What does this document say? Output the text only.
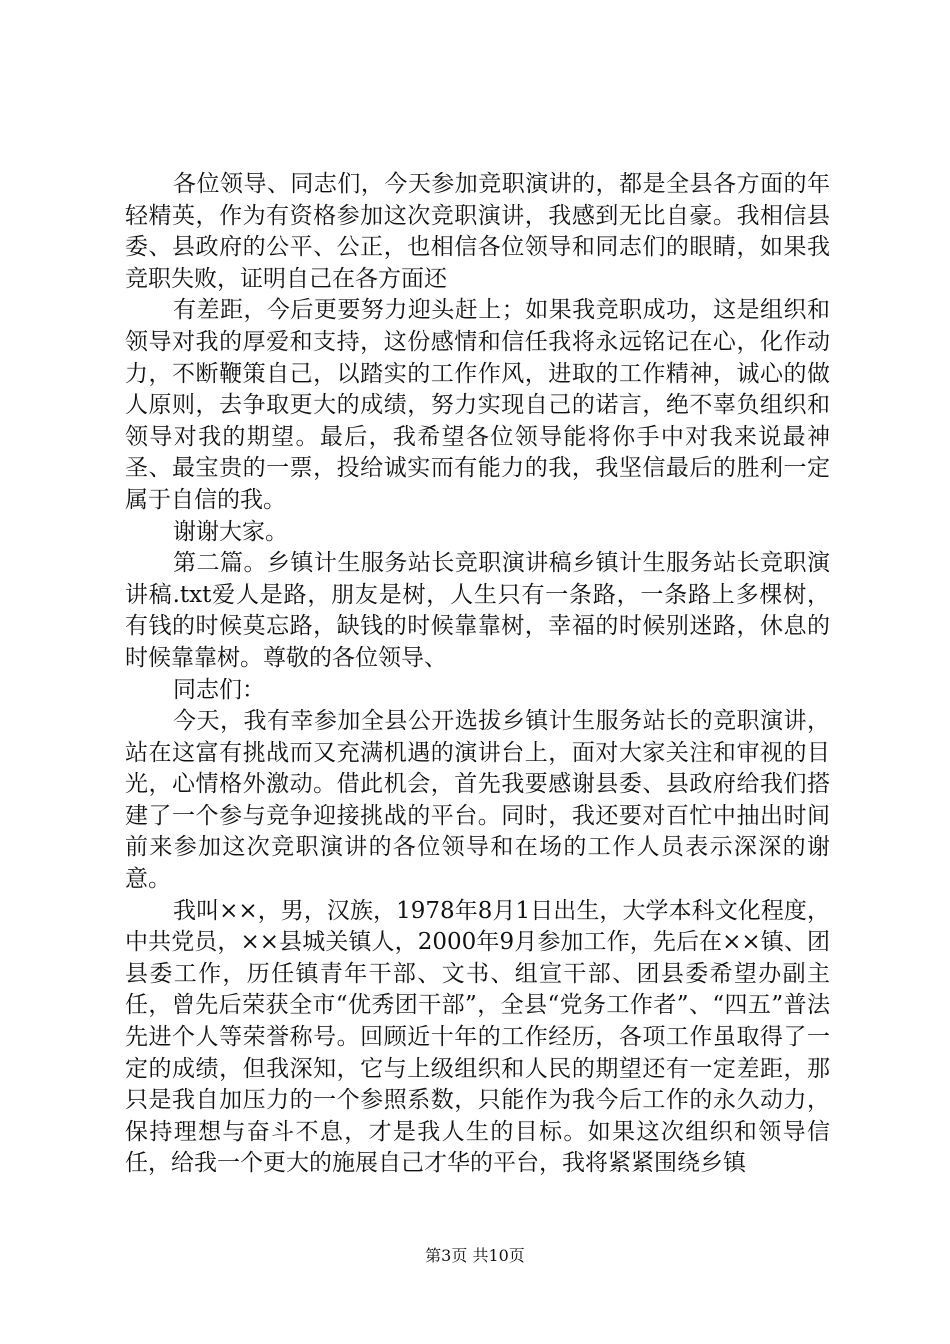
各位领导、同志们，今天参加竞职演讲的，都是全县各方面的年轻精英，作为有资格参加这次竞职演讲，我感到无比自豪。我相信县委、县政府的公平、公正，也相信各位领导和同志们的眼睛，如果我竞职失败，证明自己在各方面还

有差距，今后更要努力迎头赶上；如果我竞职成功，这是组织和领导对我的厚爱和支持，这份感情和信任我将永远铭记在心，化作动力，不断鞭策自己，以踏实的工作作风，进取的工作精神，诚心的做人原则，去争取更大的成绩，努力实现自己的诺言，绝不辜负组织和领导对我的期望。最后，我希望各位领导能将你手中对我来说最神圣、最宝贵的一票，投给诚实而有能力的我，我坚信最后的胜利一定属于自信的我。

谢谢大家。

第二篇。乡镇计生服务站长竞职演讲稿乡镇计生服务站长竞职演讲稿.txt爱人是路，朋友是树，人生只有一条路，一条路上多棵树，有钱的时候莫忘路，缺钱的时候靠靠树，幸福的时候别迷路，休息的时候靠靠树。尊敬的各位领导、

同志们：

今天，我有幸参加全县公开选拔乡镇计生服务站长的竞职演讲，站在这富有挑战而又充满机遇的演讲台上，面对大家关注和审视的目光，心情格外激动。借此机会，首先我要感谢县委、县政府给我们搭建了一个参与竞争迎接挑战的平台。同时，我还要对百忙中抽出时间前来参加这次竞职演讲的各位领导和在场的工作人员表示深深的谢意。

我叫××，男，汉族，1978年8月1日出生，大学本科文化程度，中共党员，××县城关镇人，2000年9月参加工作，先后在××镇、团县委工作，历任镇青年干部、文书、组宣干部、团县委希望办副主任，曾先后荣获全市“优秀团干部”，全县“党务工作者”、“四五”普法先进个人等荣誉称号。回顾近十年的工作经历，各项工作虽取得了一定的成绩，但我深知，它与上级组织和人民的期望还有一定差距，那只是我自加压力的一个参照系数，只能作为我今后工作的永久动力，保持理想与奋斗不息，才是我人生的目标。如果这次组织和领导信任，给我一个更大的施展自己才华的平台，我将紧紧围绕乡镇

第3页 共10页
